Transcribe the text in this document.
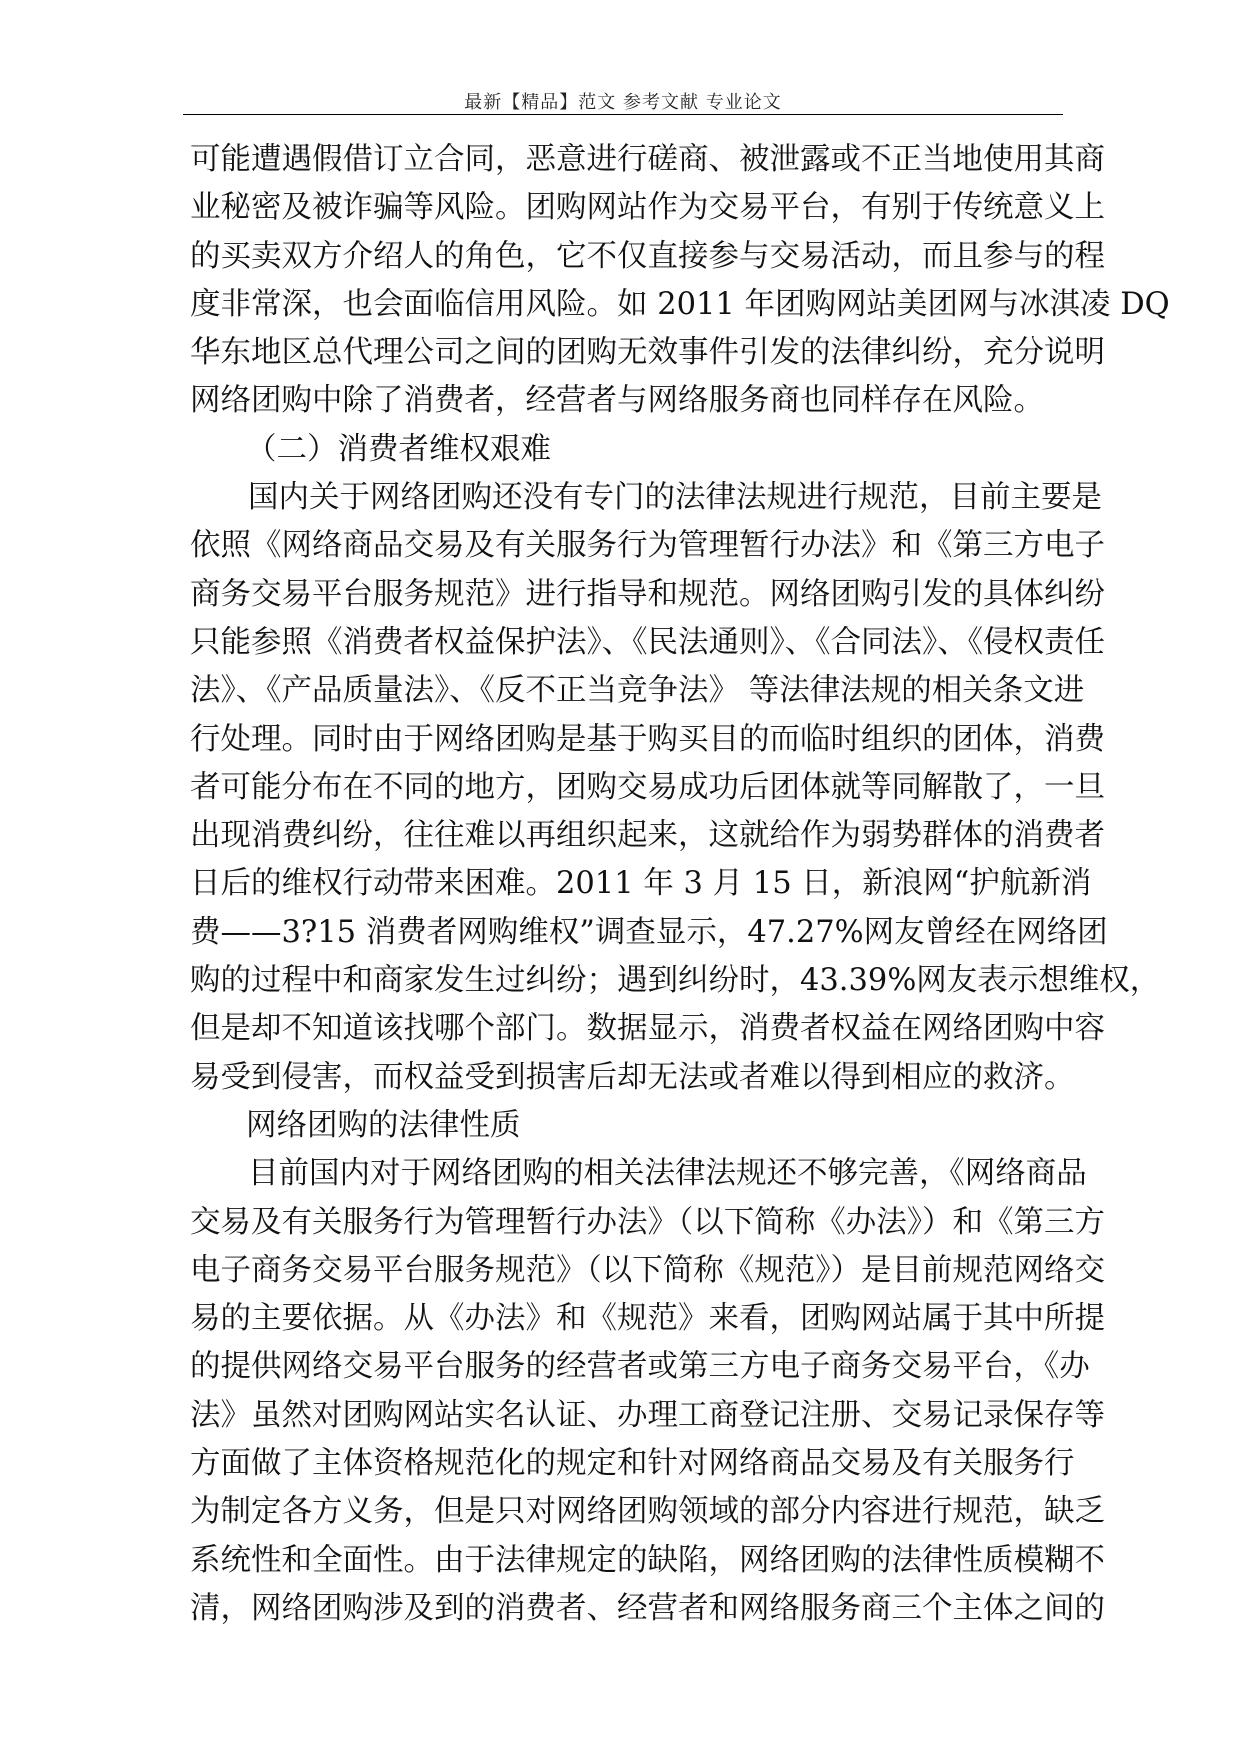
最新【精品】范文 参考文献 专业论文
可能遭遇假借订立合同，恶意进行磋商、被泄露或不正当地使用其商
业秘密及被诈骗等风险。团购网站作为交易平台，有别于传统意义上
的买卖双方介绍人的角色，它不仅直接参与交易活动，而且参与的程
度非常深，也会面临信用风险。如 2011 年团购网站美团网与冰淇凌 DQ
华东地区总代理公司之间的团购无效事件引发的法律纠纷，充分说明
网络团购中除了消费者，经营者与网络服务商也同样存在风险。
（二）消费者维权艰难
国内关于网络团购还没有专门的法律法规进行规范，目前主要是
依照《网络商品交易及有关服务行为管理暂行办法》和《第三方电子
商务交易平台服务规范》进行指导和规范。网络团购引发的具体纠纷
只能参照《消费者权益保护法》、《民法通则》、《合同法》、《侵权责任
法》、《产品质量法》、《反不正当竞争法》 等法律法规的相关条文进
行处理。同时由于网络团购是基于购买目的而临时组织的团体，消费
者可能分布在不同的地方，团购交易成功后团体就等同解散了，一旦
出现消费纠纷，往往难以再组织起来，这就给作为弱势群体的消费者
日后的维权行动带来困难。2011 年 3 月 15 日，新浪网“护航新消
费——3?15 消费者网购维权”调查显示，47.27%网友曾经在网络团
购的过程中和商家发生过纠纷；遇到纠纷时，43.39%网友表示想维权，
但是却不知道该找哪个部门。数据显示，消费者权益在网络团购中容
易受到侵害，而权益受到损害后却无法或者难以得到相应的救济。
网络团购的法律性质
目前国内对于网络团购的相关法律法规还不够完善，《网络商品
交易及有关服务行为管理暂行办法》（以下简称《办法》）和《第三方
电子商务交易平台服务规范》（以下简称《规范》）是目前规范网络交
易的主要依据。从《办法》和《规范》来看，团购网站属于其中所提
的提供网络交易平台服务的经营者或第三方电子商务交易平台，《办
法》虽然对团购网站实名认证、办理工商登记注册、交易记录保存等
方面做了主体资格规范化的规定和针对网络商品交易及有关服务行
为制定各方义务，但是只对网络团购领域的部分内容进行规范，缺乏
系统性和全面性。由于法律规定的缺陷，网络团购的法律性质模糊不
清，网络团购涉及到的消费者、经营者和网络服务商三个主体之间的
